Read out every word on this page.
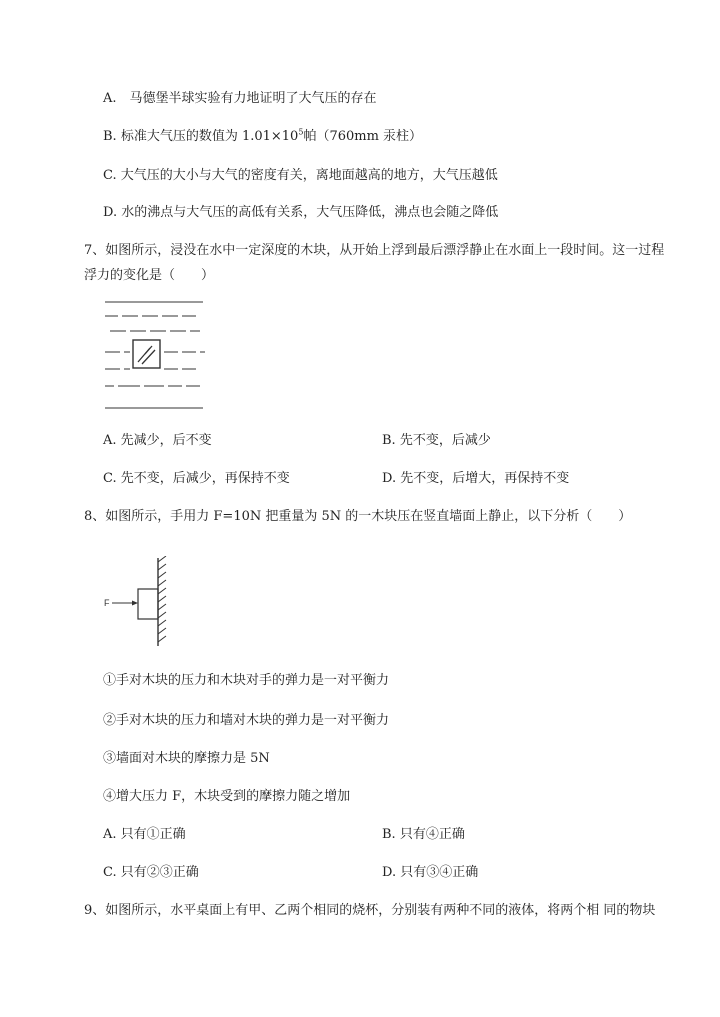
A.　马德堡半球实验有力地证明了大气压的存在
B. 标准大气压的数值为 $1.01\times 10^5$帕（760mm 汞柱）
C. 大气压的大小与大气的密度有关，离地面越高的地方，大气压越低
D. 水的沸点与大气压的高低有关系，大气压降低，沸点也会随之降低
7、如图所示，浸没在水中一定深度的木块，从开始上浮到最后漂浮静止在水面上一段时间。这一过程
浮力的变化是（　　）
A. 先减少，后不变	B. 先不变，后减少
C. 先不变，后减少，再保持不变	D. 先不变，后增大，再保持不变
8、如图所示，手用力 F=10N 把重量为 5N 的一木块压在竖直墙面上静止，以下分析（　　）
F
①手对木块的压力和木块对手的弹力是一对平衡力
②手对木块的压力和墙对木块的弹力是一对平衡力
③墙面对木块的摩擦力是 5N
④增大压力 F，木块受到的摩擦力随之增加
A. 只有①正确	B. 只有④正确
C. 只有②③正确	D. 只有③④正确
9、如图所示，水平桌面上有甲、乙两个相同的烧杯，分别装有两种不同的液体，将两个相 同的物块
